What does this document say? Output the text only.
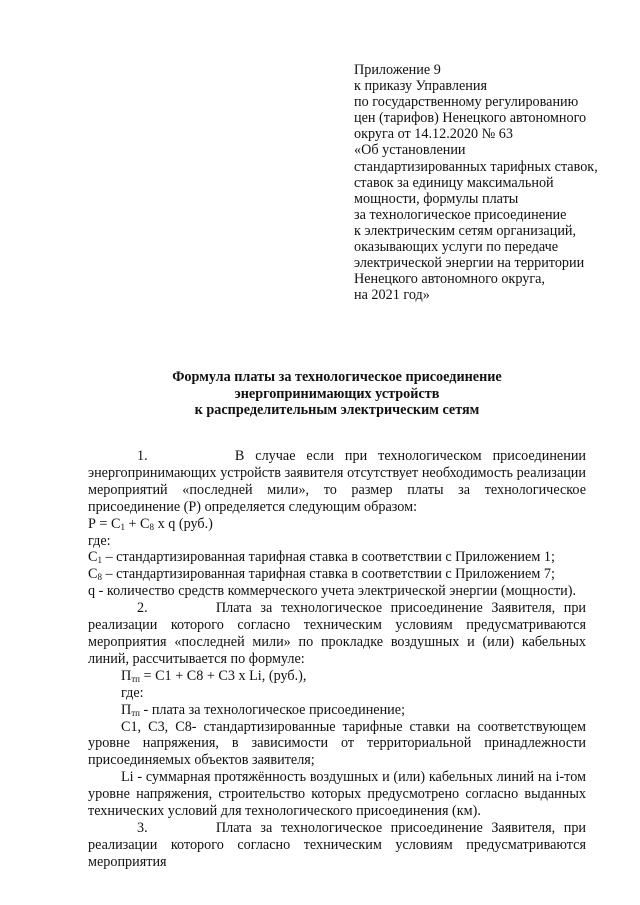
Приложение 9
к приказу Управления
по государственному регулированию
цен (тарифов) Ненецкого автономного
округа от 14.12.2020 № 63
«Об установлении
стандартизированных тарифных ставок,
ставок за единицу максимальной
мощности, формулы платы
за технологическое присоединение
к электрическим сетям организаций,
оказывающих услуги по передаче
электрической энергии на территории
Ненецкого автономного округа,
на 2021 год»
Формула платы за технологическое присоединение
энергопринимающих устройств
к распределительным электрическим сетям

1.	В случае если при технологическом присоединении энергопринимающих устройств заявителя отсутствует необходимость реализации мероприятий «последней мили», то размер платы за технологическое присоединение (Р) определяется следующим образом:

$Р = С_1 + С_8$ х q (руб.)

где:

$С_1$ – стандартизированная тарифная ставка в соответствии с Приложением 1;

$С_8$ – стандартизированная тарифная ставка в соответствии с Приложением 7;

q - количество средств коммерческого учета электрической энергии (мощности).

2.	Плата за технологическое присоединение Заявителя, при реализации которого согласно техническим условиям предусматриваются мероприятия «последней мили» по прокладке воздушных и (или) кабельных линий, рассчитывается по формуле:

$П_{тп} = С1 + С8 + С3$ х Li, (руб.),

где:

$П_{тп}$ - плата за технологическое присоединение;

С1, С3, С8- стандартизированные тарифные ставки на соответствующем уровне напряжения, в зависимости от территориальной принадлежности присоединяемых объектов заявителя;

Li - суммарная протяжённость воздушных и (или) кабельных линий на i-том уровне напряжения, строительство которых предусмотрено согласно выданных технических условий для технологического присоединения (км).

3.	Плата за технологическое присоединение Заявителя, при реализации которого согласно техническим условиям предусматриваются мероприятия
